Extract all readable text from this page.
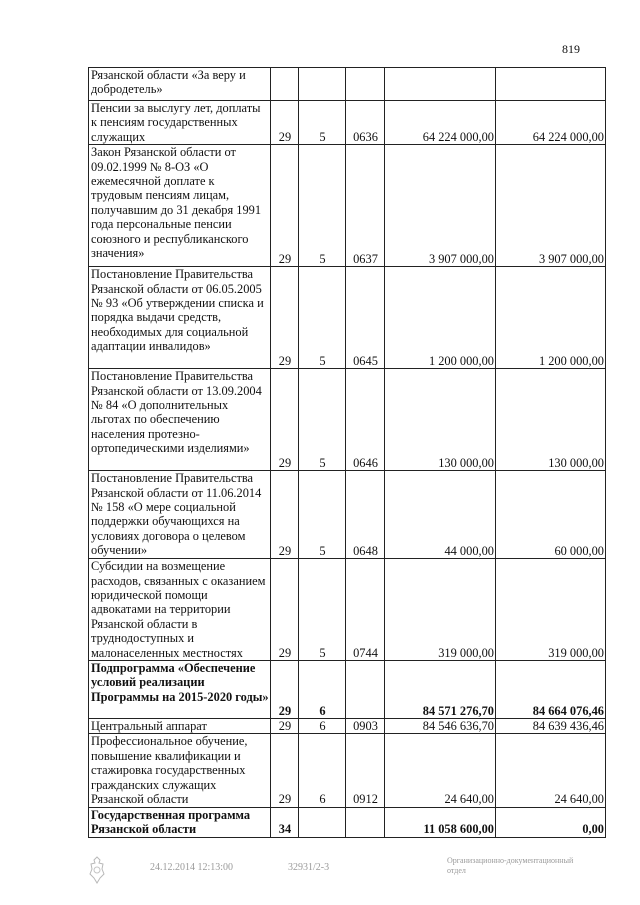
819
Рязанской области «За веру и добродетель»					
Пенсии за выслугу лет, доплаты к пенсиям государственных служащих	29	5	0636	64 224 000,00	64 224 000,00
Закон Рязанской области от 09.02.1999 № 8-ОЗ «О ежемесячной доплате к трудовым пенсиям лицам, получавшим до 31 декабря 1991 года персональные пенсии союзного и республиканского значения»	29	5	0637	3 907 000,00	3 907 000,00
Постановление Правительства Рязанской области от 06.05.2005 № 93 «Об утверждении списка и порядка выдачи средств, необходимых для социальной адаптации инвалидов»	29	5	0645	1 200 000,00	1 200 000,00
Постановление Правительства Рязанской области от 13.09.2004 № 84 «О дополнительных льготах по обеспечению населения протезно-ортопедическими изделиями»	29	5	0646	130 000,00	130 000,00
Постановление Правительства Рязанской области от 11.06.2014 № 158 «О мере социальной поддержки обучающихся на условиях договора о целевом обучении»	29	5	0648	44 000,00	60 000,00
Субсидии на возмещение расходов, связанных с оказанием юридической помощи адвокатами на территории Рязанской области в труднодоступных и малонаселенных местностях	29	5	0744	319 000,00	319 000,00
Подпрограмма «Обеспечение условий реализации Программы на 2015-2020 годы»	29	6		84 571 276,70	84 664 076,46
Центральный аппарат	29	6	0903	84 546 636,70	84 639 436,46
Профессиональное обучение, повышение квалификации и стажировка государственных гражданских служащих Рязанской области	29	6	0912	24 640,00	24 640,00
Государственная программа Рязанской области	34			11 058 600,00	0,00
24.12.2014 12:13:00	32931/2-3
Организационно-документационный отдел
